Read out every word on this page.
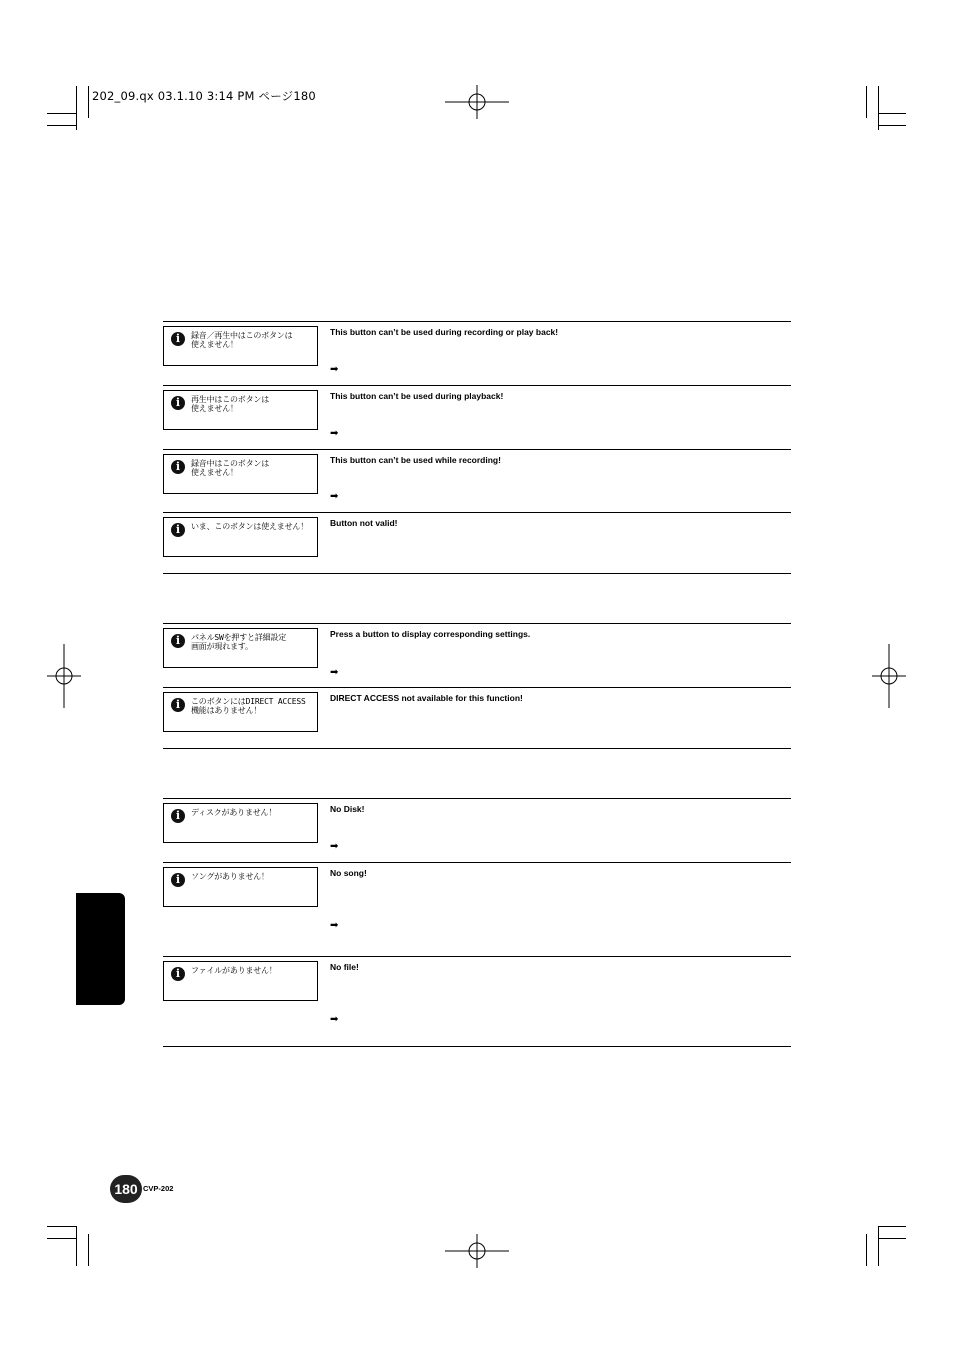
202_09.qx 03.1.10 3:14 PM ページ180
i	録音／再生中はこのボタンは
使えません！
This button can’t be used during recording or play back!
➡
i	再生中はこのボタンは
使えません！
This button can’t be used during playback!
➡
i	録音中はこのボタンは
使えません！
This button can’t be used while recording!
➡
i	いま、このボタンは使えません！	Button not valid!
i	パネルSWを押すと詳細設定
画面が現れます。
Press a button to display corresponding settings.
➡
i	このボタンにはDIRECT ACCESS
機能はありません！
DIRECT ACCESS not available for this function!
i	ディスクがありません！	No Disk!
➡
i	ソングがありません！	No song!
➡
i	ファイルがありません！	No file!
➡
180 CVP-202
